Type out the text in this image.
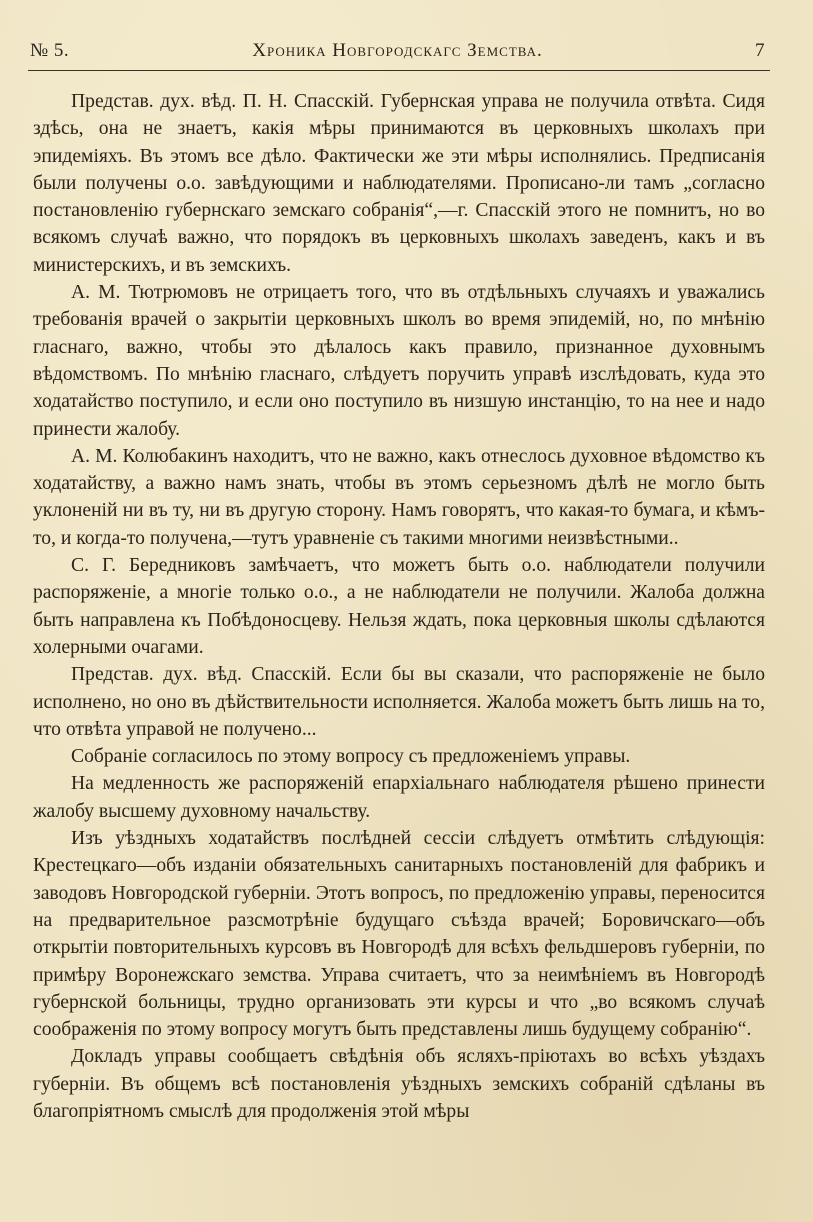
№ 5.	Хроника Новгородскагс Земства.	7

Представ. дух. вѣд. П. Н. Спасскій. Губернская управа не получила отвѣта. Сидя здѣсь, она не знаетъ, какія мѣры принимаются въ церковныхъ школахъ при эпидеміяхъ. Въ этомъ все дѣло. Фактически же эти мѣры исполнялись. Предписанія были получены о.о. завѣдующими и наблюдателями. Прописано-ли тамъ „согласно постановленію губернскаго земскаго собранія“,—г. Спасскій этого не помнитъ, но во всякомъ случаѣ важно, что порядокъ въ церковныхъ школахъ заведенъ, какъ и въ министерскихъ, и въ земскихъ.

А. М. Тютрюмовъ не отрицаетъ того, что въ отдѣльныхъ случаяхъ и уважались требованія врачей о закрытіи церковныхъ школъ во время эпидемій, но, по мнѣнію гласнаго, важно, чтобы это дѣлалось какъ правило, признанное духовнымъ вѣдомствомъ. По мнѣнію гласнаго, слѣдуетъ поручить управѣ изслѣдовать, куда это ходатайство поступило, и если оно поступило въ низшую инстанцію, то на нее и надо принести жалобу.

А. М. Колюбакинъ находитъ, что не важно, какъ отнеслось духовное вѣдомство къ ходатайству, а важно намъ знать, чтобы въ этомъ серьезномъ дѣлѣ не могло быть уклоненій ни въ ту, ни въ другую сторону. Намъ говорятъ, что какая-то бумага, и кѣмъ-то, и когда-то получена,—тутъ уравненіе съ такими многими неизвѣстными..

С. Г. Бередниковъ замѣчаетъ, что можетъ быть о.о. наблюдатели получили распоряженіе, а многіе только о.о., а не наблюдатели не получили. Жалоба должна быть направлена къ Побѣдоносцеву. Нельзя ждать, пока церковныя школы сдѣлаются холерными очагами.

Представ. дух. вѣд. Спасскій. Если бы вы сказали, что распоряженіе не было исполнено, но оно въ дѣйствительности исполняется. Жалоба можетъ быть лишь на то, что отвѣта управой не получено...

Собраніе согласилось по этому вопросу съ предложеніемъ управы.

На медленность же распоряженій епархіальнаго наблюдателя рѣшено принести жалобу высшему духовному начальству.

Изъ уѣздныхъ ходатайствъ послѣдней сессіи слѣдуетъ отмѣтить слѣдующія: Крестецкаго—объ изданіи обязательныхъ санитарныхъ постановленій для фабрикъ и заводовъ Новгородской губерніи. Этотъ вопросъ, по предложенію управы, переносится на предварительное разсмотрѣніе будущаго съѣзда врачей; Боровичскаго—объ открытіи повторительныхъ курсовъ въ Новгородѣ для всѣхъ фельдшеровъ губерніи, по примѣру Воронежскаго земства. Управа считаетъ, что за неимѣніемъ въ Новгородѣ губернской больницы, трудно организовать эти курсы и что „во всякомъ случаѣ соображенія по этому вопросу могутъ быть представлены лишь будущему собранію“.

Докладъ управы сообщаетъ свѣдѣнія объ ясляхъ-пріютахъ во всѣхъ уѣздахъ губерніи. Въ общемъ всѣ постановленія уѣздныхъ земскихъ собраній сдѣланы въ благопріятномъ смыслѣ для продолженія этой мѣры
